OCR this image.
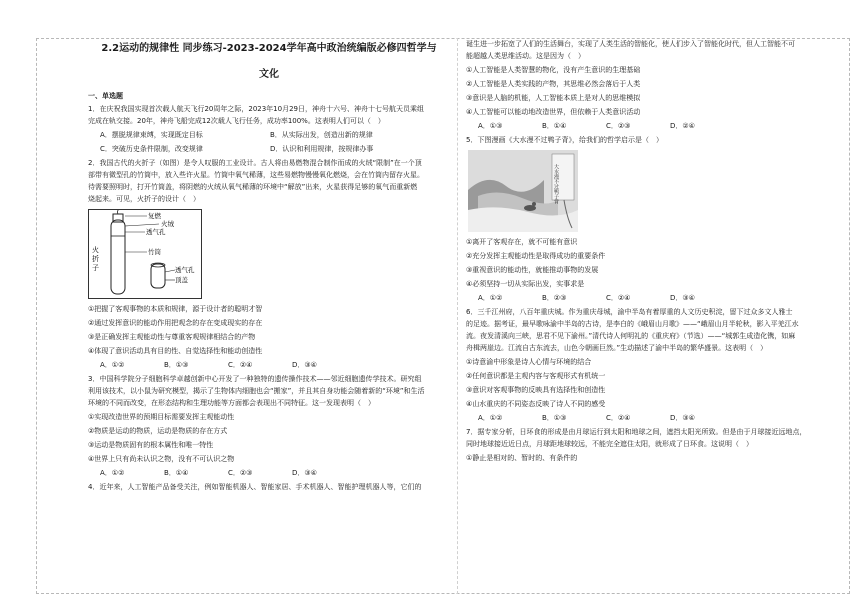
2.2运动的规律性 同步练习-2023-2024学年高中政治统编版必修四哲学与
文化

一、单选题

1．在庆祝我国实现首次载人航天飞行20周年之际，2023年10月29日，神舟十六号、神舟十七号航天员乘组

完成在轨交接。20年，神舟飞船完成12次载人飞行任务，成功率100%。这表明人们可以（　）

A．摆脱规律束缚，实现既定目标	B．从实际出发，创造出新的规律
C．突破历史条件限制，改变规律	D．认识和利用规律，按规律办事

2．我国古代的火折子（如图）是令人叹服的工业设计。古人将由易燃物混合制作而成的火绒“限制”在一个顶

部带有微型孔的竹筒中，放入些许火星。竹筒中氧气稀薄，这些易燃物慢慢氧化燃烧，会在竹筒内留存火星。

待需要照明时，打开竹筒盖，将阴燃的火绒从氧气稀薄的环境中“解放”出来，火星获得足够的氧气而重新燃

烧起来。可见，火折子的设计（　）

火
折
子
复燃
火绒
透气孔
竹筒
透气孔
顶盖

①把握了客观事物的本质和规律，源于设计者的聪明才智

②通过发挥意识的能动作用把观念的存在变成现实的存在

③是正确发挥主观能动性与尊重客观规律相结合的产物

④体现了意识活动具有目的性、自觉选择性和能动创造性

A．①②	B．①③	C．②④	D．③④

3．中国科学院分子细胞科学卓越创新中心开发了一种独特的遗传操作技术——邻近细胞遗传学技术。研究组

利用该技术，以小鼠为研究模型，揭示了生物体内细胞也会“搬家”，并且其自身功能会随着新的“环境”和生活

环境的不同而改变，在形态结构和生理功能等方面都会表现出不同特征。这一发现表明（　）

①实现改造世界的预期目标需要发挥主观能动性

②物质是运动的物质，运动是物质的存在方式

③运动是物质固有的根本属性和唯一特性

④世界上只有尚未认识之物，没有不可认识之物

A．①②	B．①④	C．②③	D．③④

4．近年来，人工智能产品备受关注，例如智能机器人、智能家居、手术机器人、智能护理机器人等，它们的

诞生进一步拓宽了人们的生活舞台，实现了人类生活的智能化，使人们步入了智能化时代，但人工智能不可

能超越人类思维活动。这是因为（　）

①人工智能是人类智慧的物化，没有产生意识的生理基础

②人工智能是人类实践的产物，其思维必然会落后于人类

③意识是人脑的机能，人工智能本质上是对人的思维模拟

④人工智能可以能动地改造世界，但依赖于人类意识活动

A．①③	B．①④	C．②③	D．②④

5．下图漫画《大水漫不过鸭子背》，给我们的哲学启示是（　）

大水漫不过鸭子背

①离开了客观存在，就不可能有意识

②充分发挥主观能动性是取得成功的重要条件

③重视意识的能动性，就能推动事物的发展

④必须坚持一切从实际出发，实事求是

A．①②	B．②③	C．②④	D．③④

6．三千江州府，八百年重庆城。作为重庆母城，渝中半岛有着厚重的人文历史积淀，留下过众多文人雅士

的足迹。据考证，最早歌咏渝中半岛的古诗，是李白的《峨眉山月歌》——“峨眉山月半轮秋，影入平羌江水

流。夜发清溪向三峡，思君不见下渝州。”清代诗人何明礼的《重庆府》（节选）——“城郭生成造化镌，如麻

舟楫两崖边。江流自古东流去，山色今朝画巨然。”生动描述了渝中半岛的繁华盛景。这表明（　）

①诗意渝中形象是诗人心情与环境的结合

②任何意识都是主观内容与客观形式有机统一

③意识对客观事物的反映具有选择性和创造性

④山水重庆的不同姿态反映了诗人不同的感受

A．①②	B．①③	C．②④	D．③④

7．据专家分析，日环食的形成是由月球运行到太阳和地球之间，遮挡太阳光所致。但是由于月球接近远地点，

同时地球接近近日点，月球距地球较远，不能完全遮住太阳，就形成了日环食。这说明（　）

①静止是相对的、暂时的、有条件的
